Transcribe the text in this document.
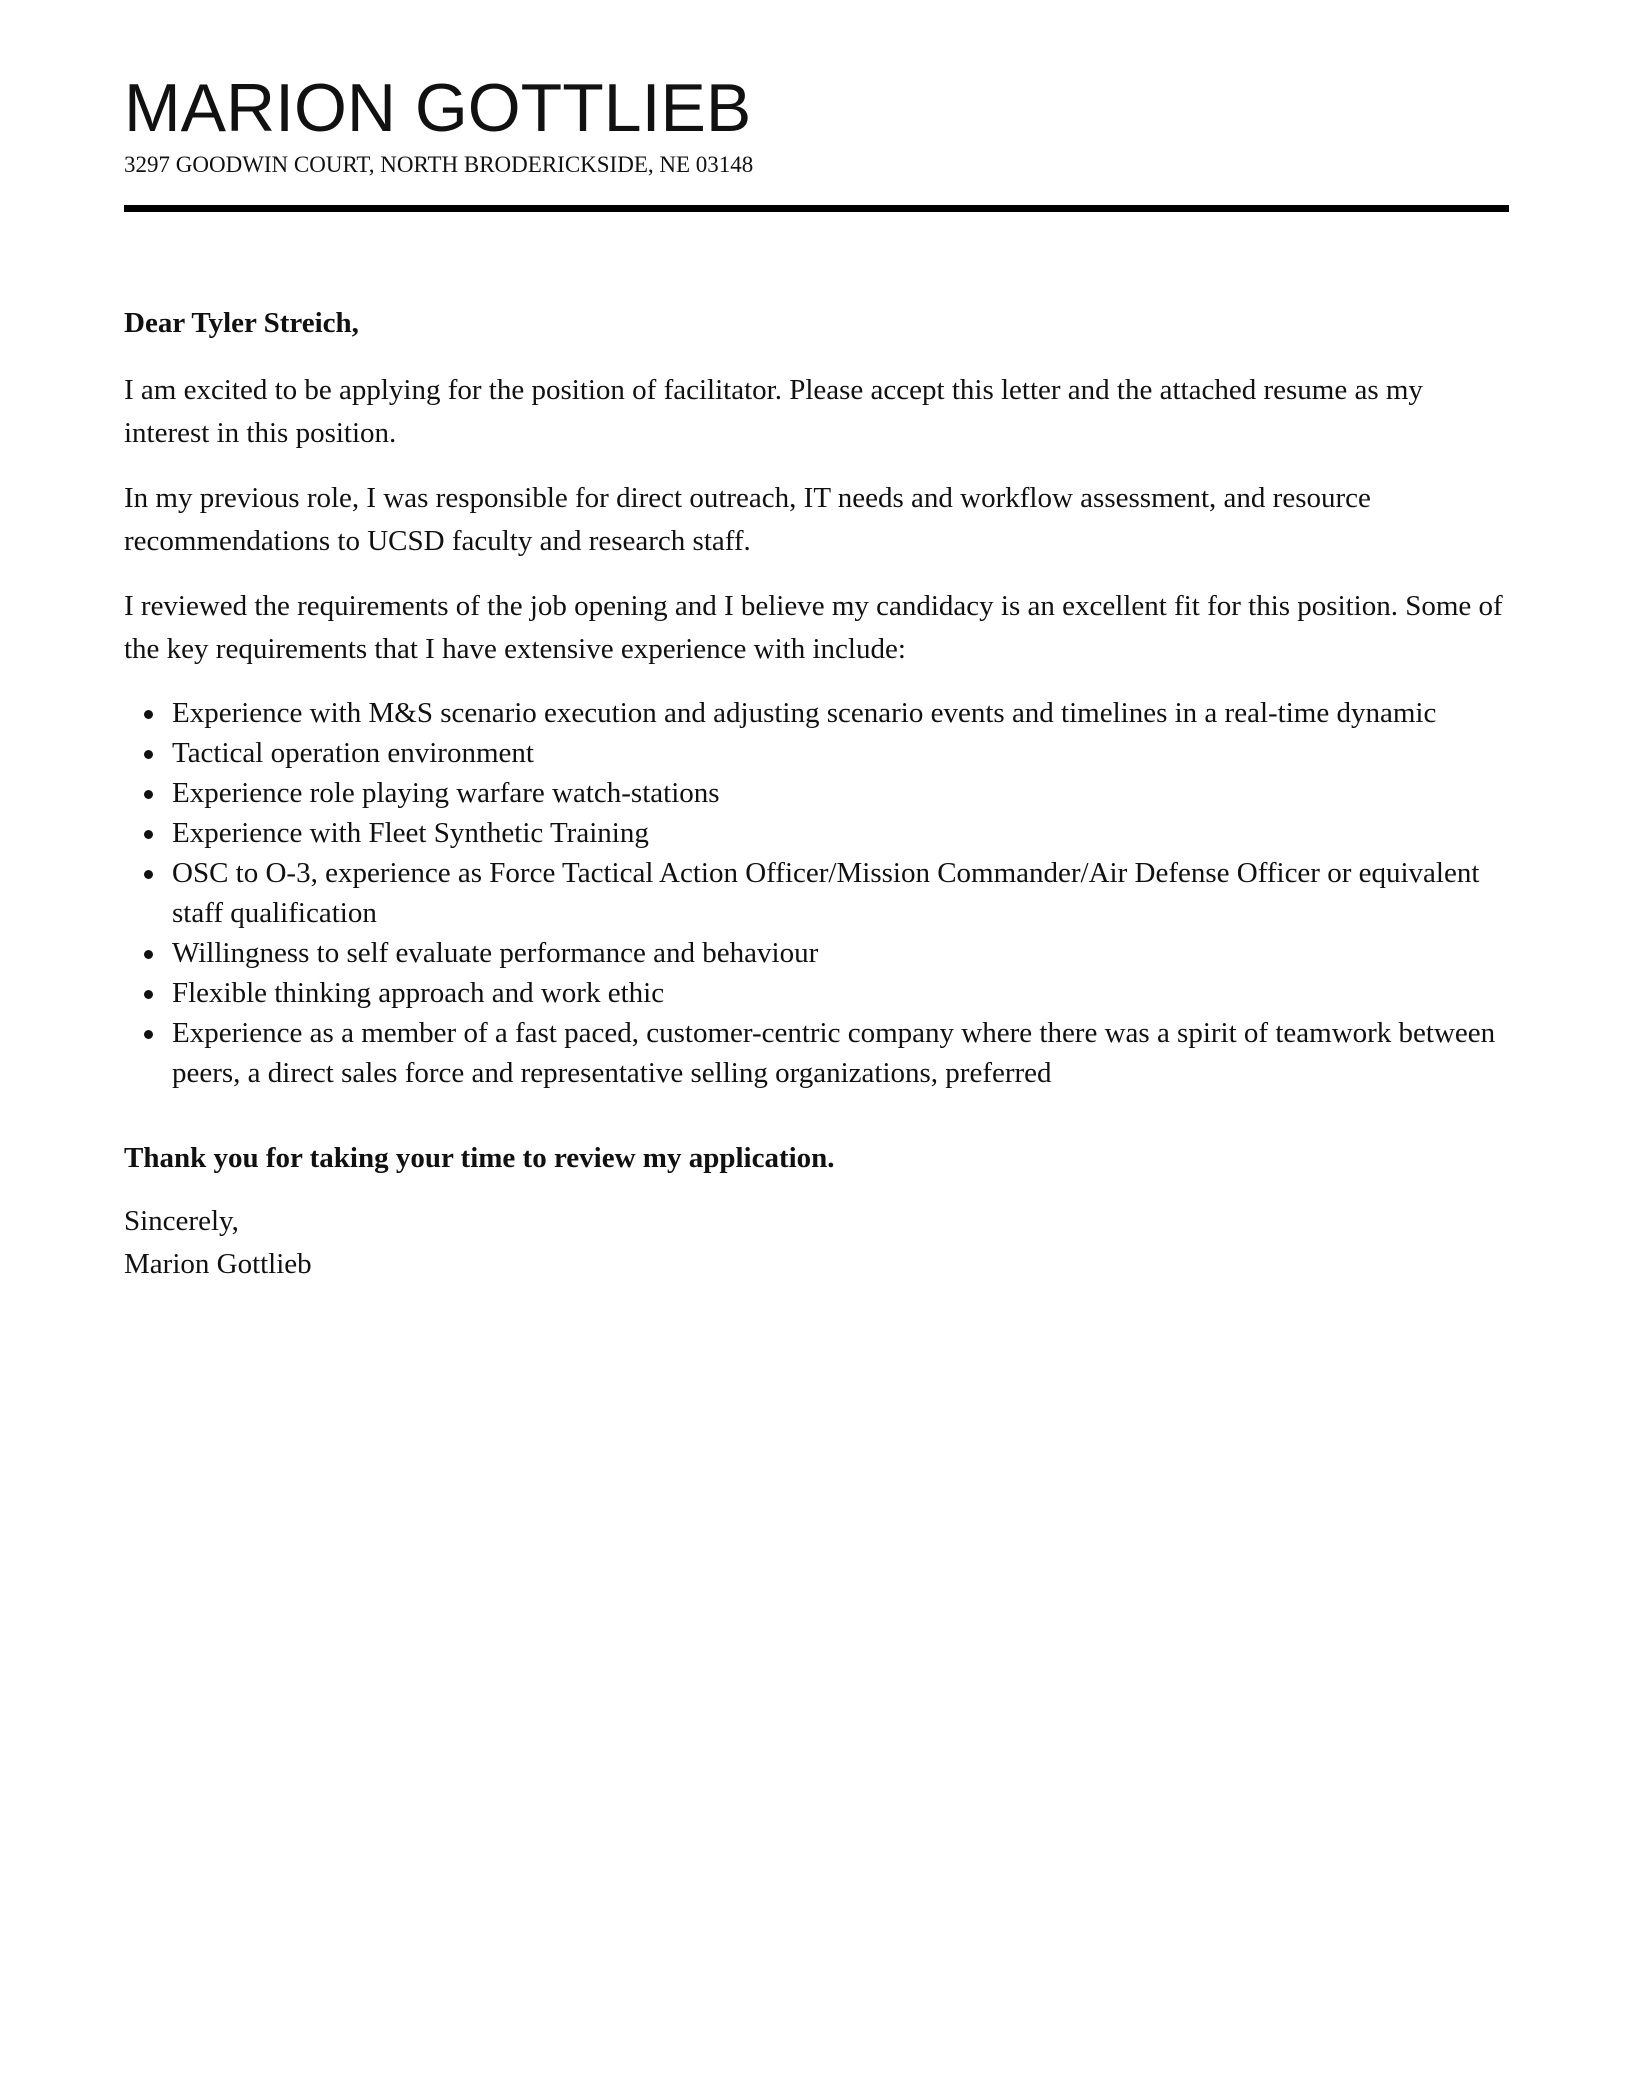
MARION GOTTLIEB
3297 GOODWIN COURT, NORTH BRODERICKSIDE, NE 03148

Dear Tyler Streich,

I am excited to be applying for the position of facilitator. Please accept this letter and the attached resume as my interest in this position.

In my previous role, I was responsible for direct outreach, IT needs and workflow assessment, and resource recommendations to UCSD faculty and research staff.

I reviewed the requirements of the job opening and I believe my candidacy is an excellent fit for this position. Some of the key requirements that I have extensive experience with include:

Experience with M&S scenario execution and adjusting scenario events and timelines in a real-time dynamic
Tactical operation environment
Experience role playing warfare watch-stations
Experience with Fleet Synthetic Training
OSC to O-3, experience as Force Tactical Action Officer/Mission Commander/Air Defense Officer or equivalent staff qualification
Willingness to self evaluate performance and behaviour
Flexible thinking approach and work ethic
Experience as a member of a fast paced, customer-centric company where there was a spirit of teamwork between peers, a direct sales force and representative selling organizations, preferred

Thank you for taking your time to review my application.

Sincerely,

Marion Gottlieb
